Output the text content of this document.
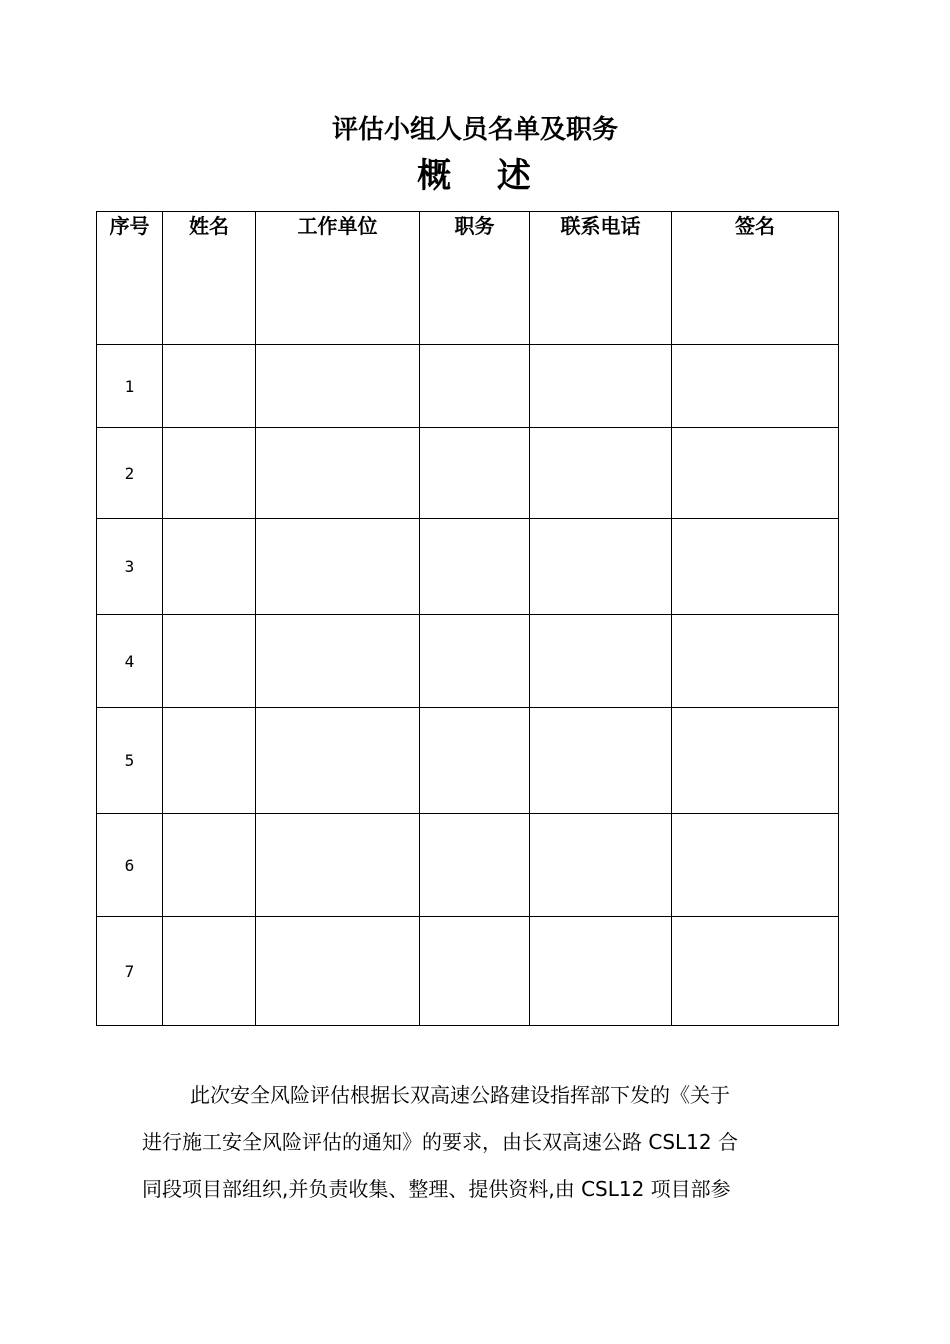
评估小组人员名单及职务
概 述
序号	姓名	工作单位	职务	联系电话	签名
1					
2					
3					
4					
5					
6					
7					

此次安全风险评估根据长双高速公路建设指挥部下发的《关于
进行施工安全风险评估的通知》的要求，由长双高速公路 CSL12 合
同段项目部组织,并负责收集、整理、提供资料,由 CSL12 项目部参
